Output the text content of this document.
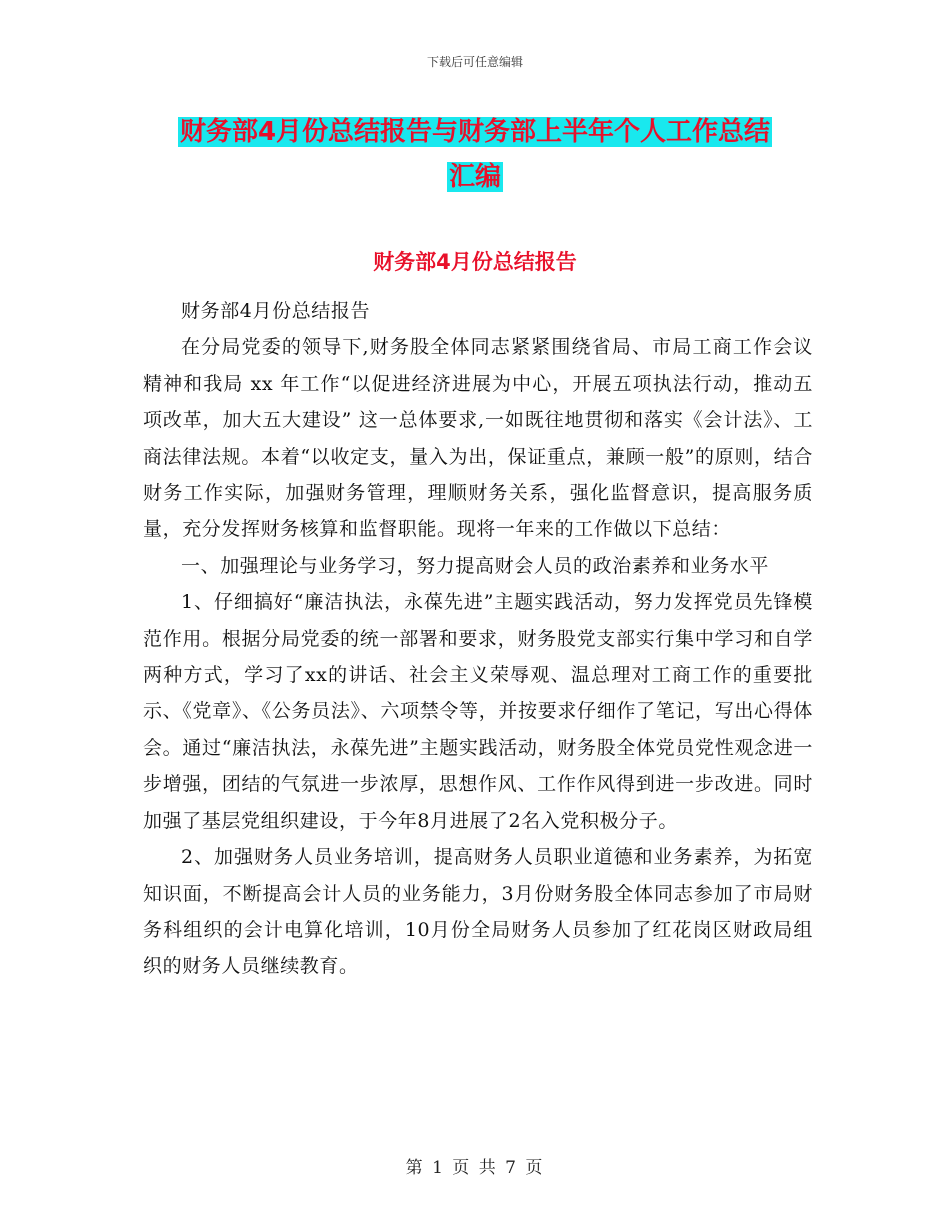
下载后可任意编辑
财务部4月份总结报告与财务部上半年个人工作总结
汇编
财务部4月份总结报告

财务部4月份总结报告

在分局党委的领导下,财务股全体同志紧紧围绕省局、市局工商工作会议精神和我局 xx 年工作“以促进经济进展为中心，开展五项执法行动，推动五项改革，加大五大建设” 这一总体要求,一如既往地贯彻和落实《会计法》、工商法律法规。本着“以收定支，量入为出，保证重点，兼顾一般”的原则，结合财务工作实际，加强财务管理，理顺财务关系，强化监督意识，提高服务质量，充分发挥财务核算和监督职能。现将一年来的工作做以下总结：

一、加强理论与业务学习，努力提高财会人员的政治素养和业务水平

1、仔细搞好“廉洁执法，永葆先进”主题实践活动，努力发挥党员先锋模范作用。根据分局党委的统一部署和要求，财务股党支部实行集中学习和自学两种方式，学习了xx的讲话、社会主义荣辱观、温总理对工商工作的重要批示、《党章》、《公务员法》、六项禁令等，并按要求仔细作了笔记，写出心得体会。通过“廉洁执法，永葆先进”主题实践活动，财务股全体党员党性观念进一步增强，团结的气氛进一步浓厚，思想作风、工作作风得到进一步改进。同时加强了基层党组织建设，于今年8月进展了2名入党积极分子。

2、加强财务人员业务培训，提高财务人员职业道德和业务素养，为拓宽知识面，不断提高会计人员的业务能力，3月份财务股全体同志参加了市局财务科组织的会计电算化培训，10月份全局财务人员参加了红花岗区财政局组织的财务人员继续教育。

第 1 页 共 7 页
